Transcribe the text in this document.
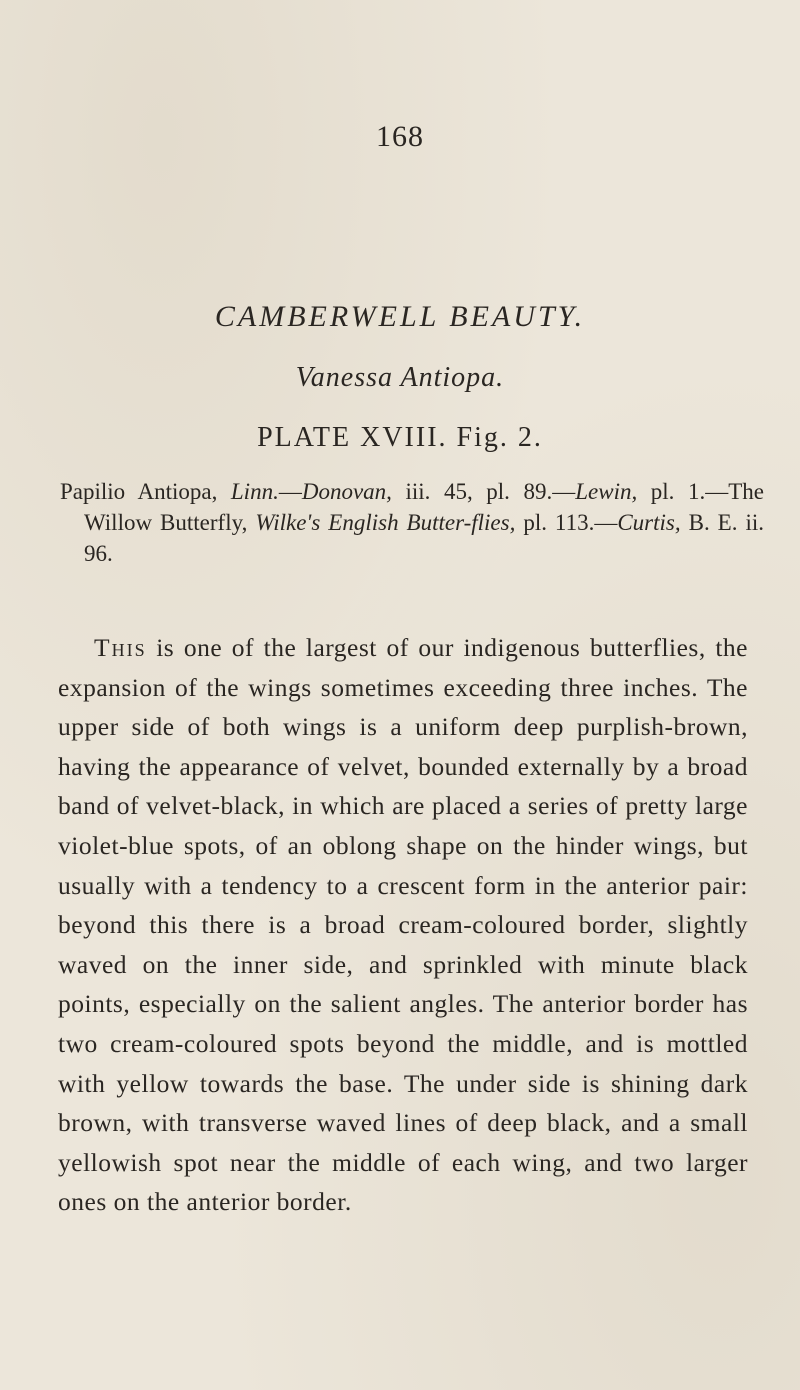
168
CAMBERWELL BEAUTY.
Vanessa Antiopa.
PLATE XVIII. Fig. 2.
Papilio Antiopa, Linn.—Donovan, iii. 45, pl. 89.—Lewin, pl. 1.—The Willow Butterfly, Wilke's English Butter-flies, pl. 113.—Curtis, B. E. ii. 96.
This is one of the largest of our indigenous butterflies, the expansion of the wings sometimes exceeding three inches. The upper side of both wings is a uniform deep purplish-brown, having the appearance of velvet, bounded externally by a broad band of velvet-black, in which are placed a series of pretty large violet-blue spots, of an oblong shape on the hinder wings, but usually with a tendency to a crescent form in the anterior pair: beyond this there is a broad cream-coloured border, slightly waved on the inner side, and sprinkled with minute black points, especially on the salient angles. The anterior border has two cream-coloured spots beyond the middle, and is mottled with yellow towards the base. The under side is shining dark brown, with transverse waved lines of deep black, and a small yellowish spot near the middle of each wing, and two larger ones on the anterior border.
